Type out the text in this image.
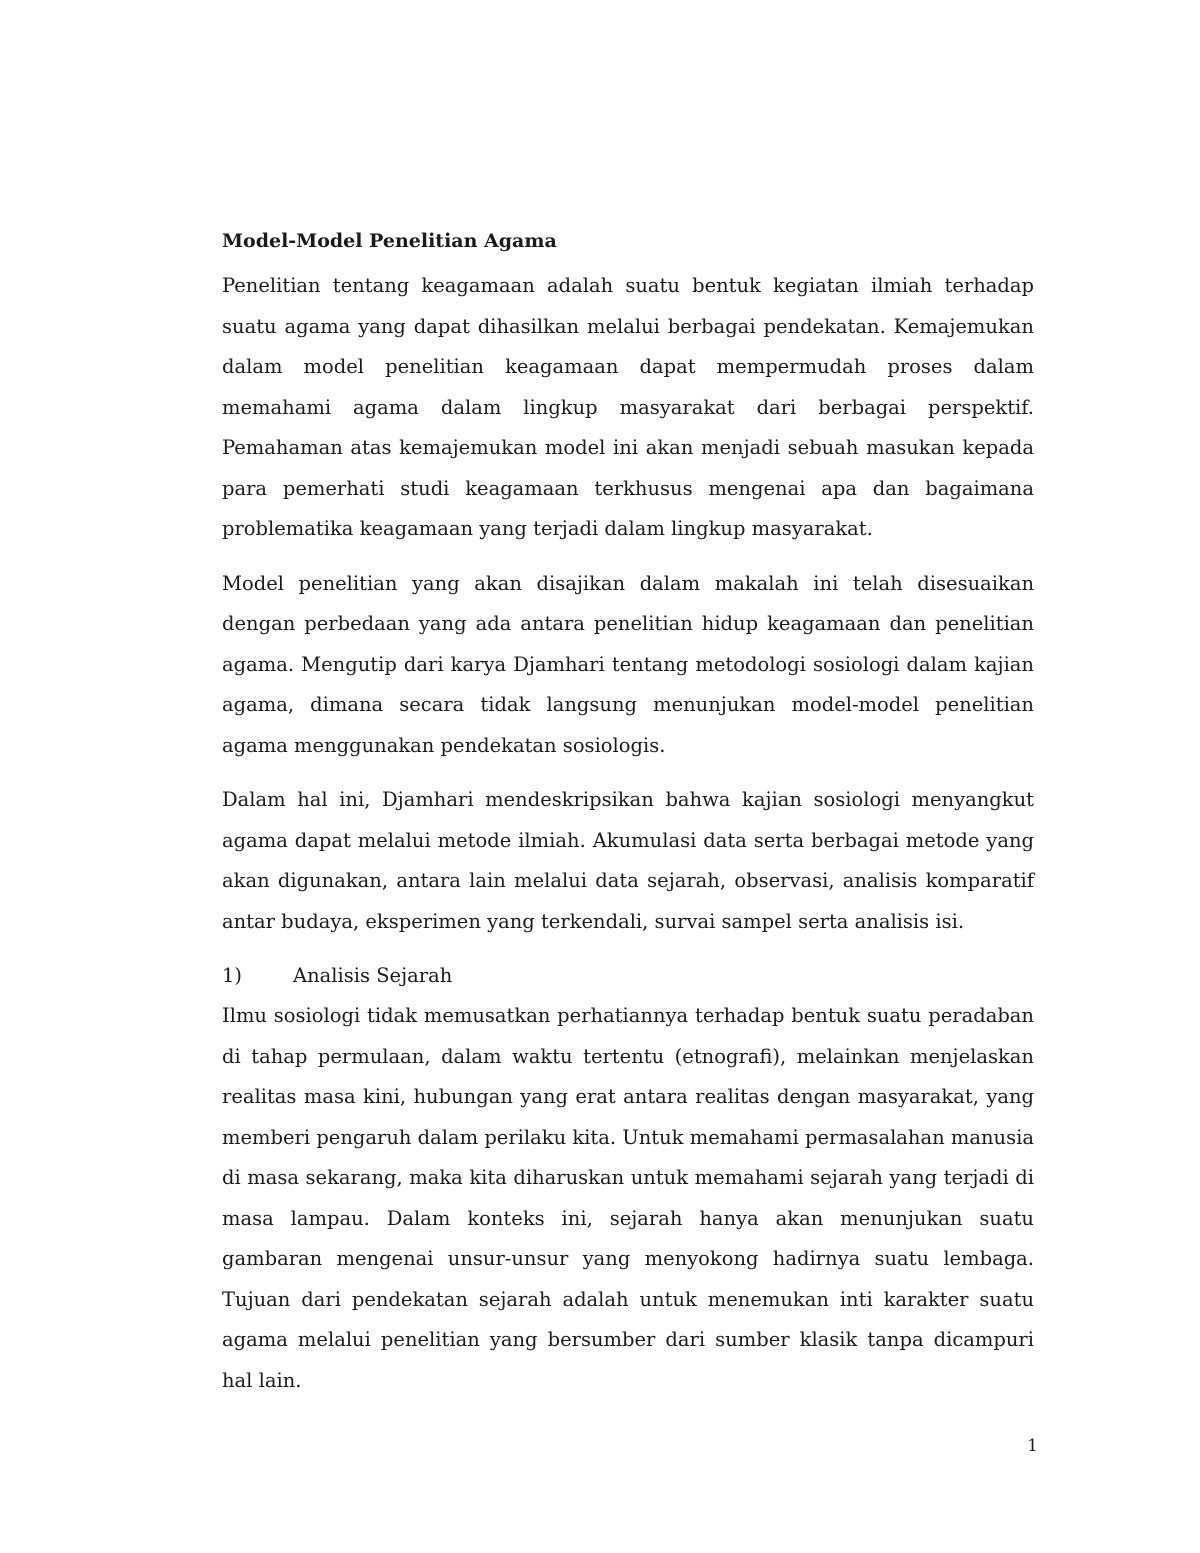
Model-Model Penelitian Agama

Penelitian tentang keagamaan adalah suatu bentuk kegiatan ilmiah terhadap suatu agama yang dapat dihasilkan melalui berbagai pendekatan. Kemajemukan dalam model penelitian keagamaan dapat mempermudah proses dalam memahami agama dalam lingkup masyarakat dari berbagai perspektif. Pemahaman atas kemajemukan model ini akan menjadi sebuah masukan kepada para pemerhati studi keagamaan terkhusus mengenai apa dan bagaimana problematika keagamaan yang terjadi dalam lingkup masyarakat.

Model penelitian yang akan disajikan dalam makalah ini telah disesuaikan dengan perbedaan yang ada antara penelitian hidup keagamaan dan penelitian agama. Mengutip dari karya Djamhari tentang metodologi sosiologi dalam kajian agama, dimana secara tidak langsung menunjukan model-model penelitian agama menggunakan pendekatan sosiologis.

Dalam hal ini, Djamhari mendeskripsikan bahwa kajian sosiologi menyangkut agama dapat melalui metode ilmiah. Akumulasi data serta berbagai metode yang akan digunakan, antara lain melalui data sejarah, observasi, analisis komparatif antar budaya, eksperimen yang terkendali, survai sampel serta analisis isi.

1)	Analisis Sejarah

Ilmu sosiologi tidak memusatkan perhatiannya terhadap bentuk suatu peradaban di tahap permulaan, dalam waktu tertentu (etnografi), melainkan menjelaskan realitas masa kini, hubungan yang erat antara realitas dengan masyarakat, yang memberi pengaruh dalam perilaku kita. Untuk memahami permasalahan manusia di masa sekarang, maka kita diharuskan untuk memahami sejarah yang terjadi di masa lampau. Dalam konteks ini, sejarah hanya akan menunjukan suatu gambaran mengenai unsur-unsur yang menyokong hadirnya suatu lembaga. Tujuan dari pendekatan sejarah adalah untuk menemukan inti karakter suatu agama melalui penelitian yang bersumber dari sumber klasik tanpa dicampuri hal lain.

1
